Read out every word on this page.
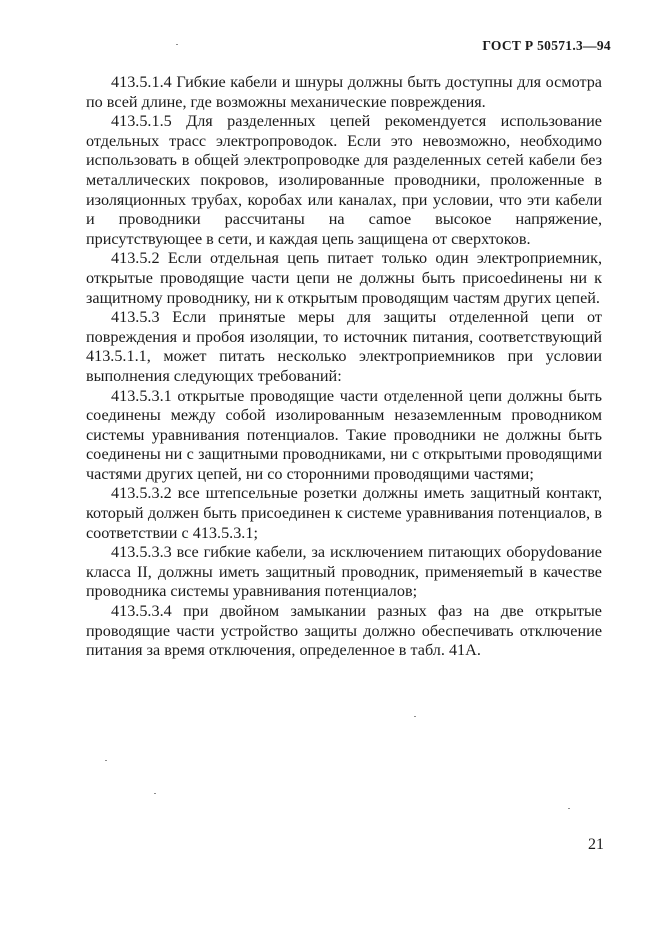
ГОСТ Р 50571.3—94

413.5.1.4 Гибкие кабели и шнуры должны быть доступны для осмотра по всей длине, где возможны механические повреждения.

413.5.1.5 Для разделенных цепей рекомендуется использование отдельных трасс электропроводок. Если это невозможно, необходимо использовать в общей электропроводке для разделенных сетей кабели без металлических покровов, изолированные проводники, проложенные в изоляционных трубах, коробах или каналах, при условии, что эти кабели и проводники рассчитаны на саmое высокое напряжение, присутствующее в сети, и каждая цепь защищена от сверхтоков.

413.5.2 Если отдельная цепь питает только один электроприемник, открытые проводящие части цепи не должны быть присоеdинены ни к защитному проводнику, ни к открытым проводящим частям других цепей.

413.5.3 Если принятые меры для защиты отделенной цепи от повреждения и пробоя изоляции, то источник питания, соответствующий 413.5.1.1, может питать несколько электроприемников при условии выполнения следующих требований:

413.5.3.1 открытые проводящие части отделенной цепи должны быть соединены между собой изолированным незаземленным проводником системы уравнивания потенциалов. Такие проводники не должны быть соединены ни с защитными проводниками, ни с открытыми проводящими частями других цепей, ни со сторонними проводящими частями;

413.5.3.2 все штепсельные розетки должны иметь защитный контакт, который должен быть присоединен к системе уравнивания потенциалов, в соответствии с 413.5.3.1;

413.5.3.3 все гибкие кабели, за исключением питающих оборуdование класса II, должны иметь защитный проводник, применяеmый в качестве проводника системы уравнивания потенциалов;

413.5.3.4 при двойном замыкании разных фаз на две открытые проводящие части устройство защиты должно обеспечивать отключение питания за время отключения, определенное в табл. 41А.

21
